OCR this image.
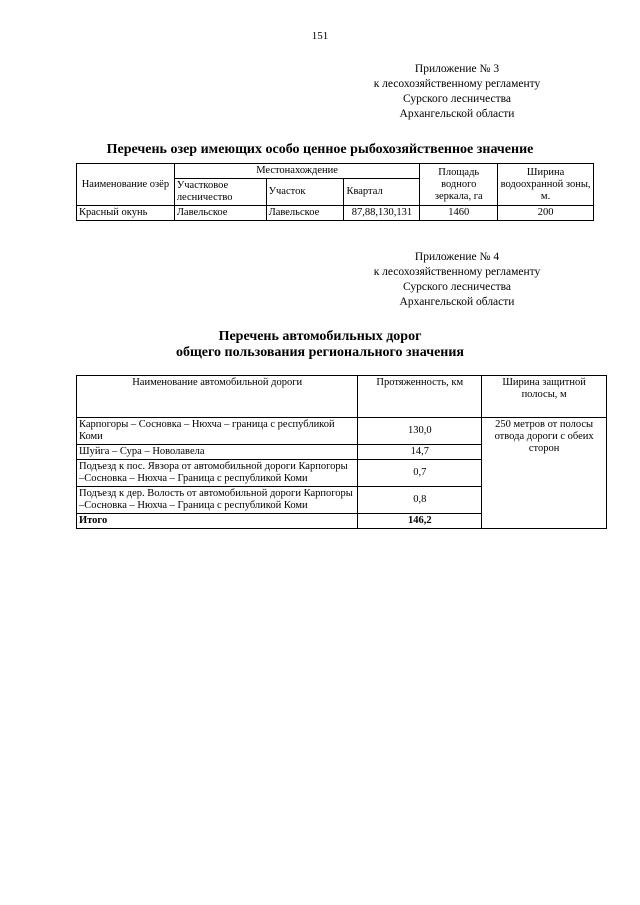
151
Приложение № 3
к лесохозяйственному регламенту
Сурского лесничества
Архангельской области
Перечень озер имеющих особо ценное рыбохозяйственное значение
Наименование озёр	Местонахождение			Площадь водного зеркала, га	Ширина водоохранной зоны, м.
	Участковое лесничество	Участок	Квартал		
Красный окунь	Лавельское	Лавельское	87,88,130,131	1460	200
Приложение № 4
к лесохозяйственному регламенту
Сурского лесничества
Архангельской области
Перечень автомобильных дорог
общего пользования регионального значения
Наименование автомобильной дороги	Протяженность, км	Ширина защитной полосы, м
Карпогоры – Сосновка – Нюхча – граница с республикой Коми	130,0	250 метров от полосы отвода дороги с обеих сторон
Шуйга – Сура – Новолавела	14,7	
Подъезд к пос. Явзора от автомобильной дороги Карпогоры –Сосновка – Нюхча – Граница с республикой Коми	0,7	
Подъезд к дер. Волость от автомобильной дороги Карпогоры –Сосновка – Нюхча – Граница с республикой Коми	0,8	
Итого	146,2	
